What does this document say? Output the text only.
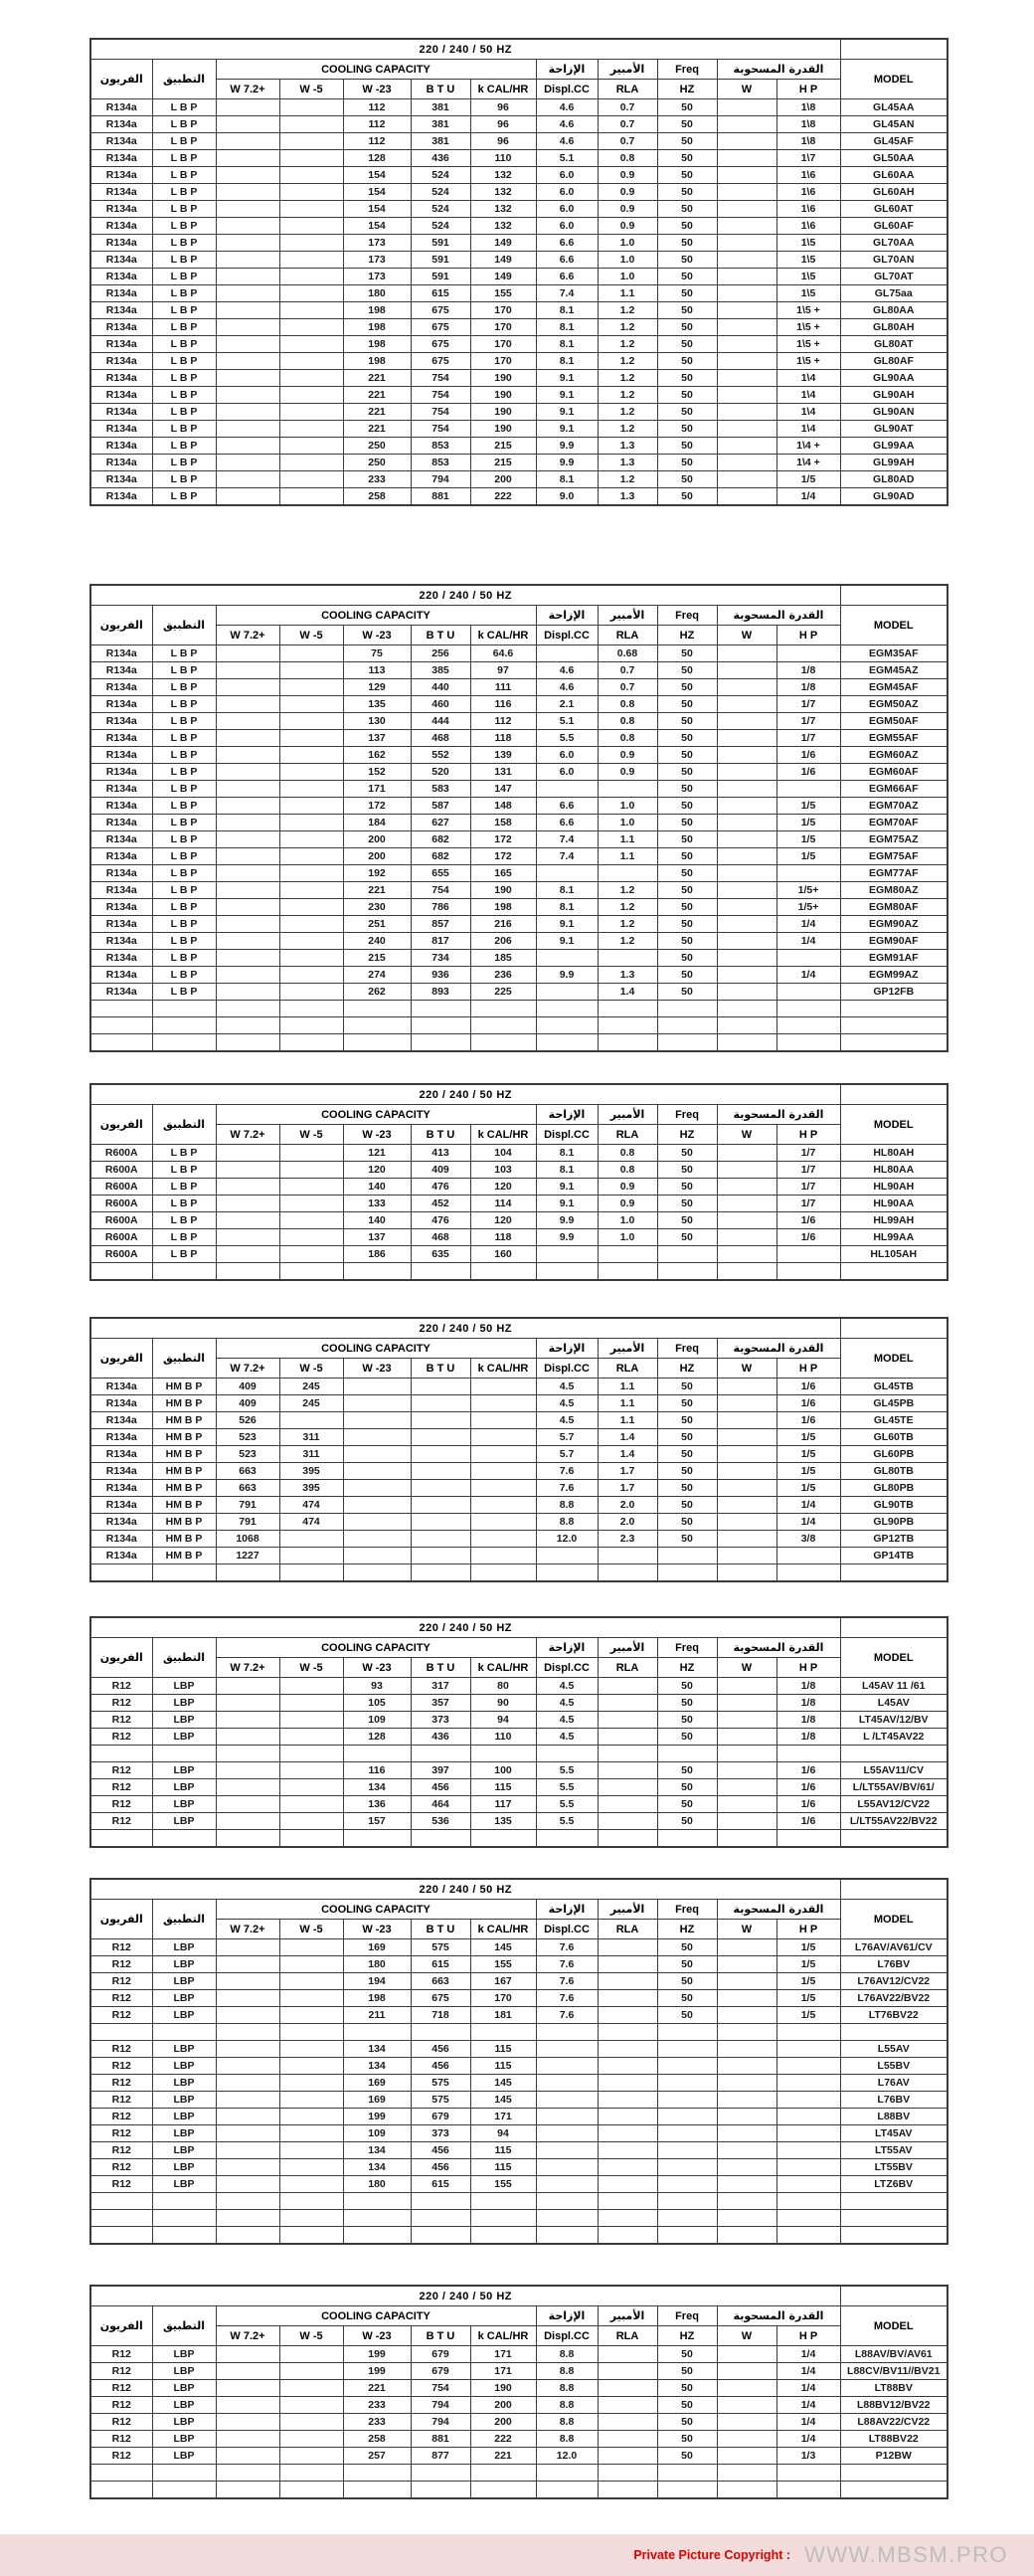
220 / 240 / 50 HZ												
الفريون	التطبيق	COOLING CAPACITY					الإزاحة	الأمبير	Freq	القدرة المسحوبة		MODEL
		W 7.2+	W -5	W -23	B T U	k CAL/HR	Displ.CC	RLA	HZ	W	H P	
R134a	L B P			112	381	96	4.6	0.7	50		1\8	GL45AA
R134a	L B P			112	381	96	4.6	0.7	50		1\8	GL45AN
R134a	L B P			112	381	96	4.6	0.7	50		1\8	GL45AF
R134a	L B P			128	436	110	5.1	0.8	50		1\7	GL50AA
R134a	L B P			154	524	132	6.0	0.9	50		1\6	GL60AA
R134a	L B P			154	524	132	6.0	0.9	50		1\6	GL60AH
R134a	L B P			154	524	132	6.0	0.9	50		1\6	GL60AT
R134a	L B P			154	524	132	6.0	0.9	50		1\6	GL60AF
R134a	L B P			173	591	149	6.6	1.0	50		1\5	GL70AA
R134a	L B P			173	591	149	6.6	1.0	50		1\5	GL70AN
R134a	L B P			173	591	149	6.6	1.0	50		1\5	GL70AT
R134a	L B P			180	615	155	7.4	1.1	50		1\5	GL75aa
R134a	L B P			198	675	170	8.1	1.2	50		1\5 +	GL80AA
R134a	L B P			198	675	170	8.1	1.2	50		1\5 +	GL80AH
R134a	L B P			198	675	170	8.1	1.2	50		1\5 +	GL80AT
R134a	L B P			198	675	170	8.1	1.2	50		1\5 +	GL80AF
R134a	L B P			221	754	190	9.1	1.2	50		1\4	GL90AA
R134a	L B P			221	754	190	9.1	1.2	50		1\4	GL90AH
R134a	L B P			221	754	190	9.1	1.2	50		1\4	GL90AN
R134a	L B P			221	754	190	9.1	1.2	50		1\4	GL90AT
R134a	L B P			250	853	215	9.9	1.3	50		1\4 +	GL99AA
R134a	L B P			250	853	215	9.9	1.3	50		1\4 +	GL99AH
R134a	L B P			233	794	200	8.1	1.2	50		1/5	GL80AD
R134a	L B P			258	881	222	9.0	1.3	50		1/4	GL90AD
220 / 240 / 50 HZ												
الفريون	التطبيق	COOLING CAPACITY					الإزاحة	الأمبير	Freq	القدرة المسحوبة		MODEL
		W 7.2+	W -5	W -23	B T U	k CAL/HR	Displ.CC	RLA	HZ	W	H P	
R134a	L B P			75	256	64.6		0.68	50			EGM35AF
R134a	L B P			113	385	97	4.6	0.7	50		1/8	EGM45AZ
R134a	L B P			129	440	111	4.6	0.7	50		1/8	EGM45AF
R134a	L B P			135	460	116	2.1	0.8	50		1/7	EGM50AZ
R134a	L B P			130	444	112	5.1	0.8	50		1/7	EGM50AF
R134a	L B P			137	468	118	5.5	0.8	50		1/7	EGM55AF
R134a	L B P			162	552	139	6.0	0.9	50		1/6	EGM60AZ
R134a	L B P			152	520	131	6.0	0.9	50		1/6	EGM60AF
R134a	L B P			171	583	147			50			EGM66AF
R134a	L B P			172	587	148	6.6	1.0	50		1/5	EGM70AZ
R134a	L B P			184	627	158	6.6	1.0	50		1/5	EGM70AF
R134a	L B P			200	682	172	7.4	1.1	50		1/5	EGM75AZ
R134a	L B P			200	682	172	7.4	1.1	50		1/5	EGM75AF
R134a	L B P			192	655	165			50			EGM77AF
R134a	L B P			221	754	190	8.1	1.2	50		1/5+	EGM80AZ
R134a	L B P			230	786	198	8.1	1.2	50		1/5+	EGM80AF
R134a	L B P			251	857	216	9.1	1.2	50		1/4	EGM90AZ
R134a	L B P			240	817	206	9.1	1.2	50		1/4	EGM90AF
R134a	L B P			215	734	185			50			EGM91AF
R134a	L B P			274	936	236	9.9	1.3	50		1/4	EGM99AZ
R134a	L B P			262	893	225		1.4	50			GP12FB

220 / 240 / 50 HZ												
الفريون	التطبيق	COOLING CAPACITY					الإزاحة	الأمبير	Freq	القدرة المسحوبة		MODEL
		W 7.2+	W -5	W -23	B T U	k CAL/HR	Displ.CC	RLA	HZ	W	H P	
R600A	L B P			121	413	104	8.1	0.8	50		1/7	HL80AH
R600A	L B P			120	409	103	8.1	0.8	50		1/7	HL80AA
R600A	L B P			140	476	120	9.1	0.9	50		1/7	HL90AH
R600A	L B P			133	452	114	9.1	0.9	50		1/7	HL90AA
R600A	L B P			140	476	120	9.9	1.0	50		1/6	HL99AH
R600A	L B P			137	468	118	9.9	1.0	50		1/6	HL99AA
R600A	L B P			186	635	160						HL105AH

220 / 240 / 50 HZ												
الفريون	التطبيق	COOLING CAPACITY					الإزاحة	الأمبير	Freq	القدرة المسحوبة		MODEL
		W 7.2+	W -5	W -23	B T U	k CAL/HR	Displ.CC	RLA	HZ	W	H P	
R134a	HM B P	409	245				4.5	1.1	50		1/6	GL45TB
R134a	HM B P	409	245				4.5	1.1	50		1/6	GL45PB
R134a	HM B P	526					4.5	1.1	50		1/6	GL45TE
R134a	HM B P	523	311				5.7	1.4	50		1/5	GL60TB
R134a	HM B P	523	311				5.7	1.4	50		1/5	GL60PB
R134a	HM B P	663	395				7.6	1.7	50		1/5	GL80TB
R134a	HM B P	663	395				7.6	1.7	50		1/5	GL80PB
R134a	HM B P	791	474				8.8	2.0	50		1/4	GL90TB
R134a	HM B P	791	474				8.8	2.0	50		1/4	GL90PB
R134a	HM B P	1068					12.0	2.3	50		3/8	GP12TB
R134a	HM B P	1227										GP14TB

220 / 240 / 50 HZ												
الفريون	التطبيق	COOLING CAPACITY					الإزاحة	الأمبير	Freq	القدرة المسحوبة		MODEL
		W 7.2+	W -5	W -23	B T U	k CAL/HR	Displ.CC	RLA	HZ	W	H P	
R12	LBP			93	317	80	4.5		50		1/8	L45AV 11 /61
R12	LBP			105	357	90	4.5		50		1/8	L45AV
R12	LBP			109	373	94	4.5		50		1/8	LT45AV/12/BV
R12	LBP			128	436	110	4.5		50		1/8	L /LT45AV22

R12	LBP			116	397	100	5.5		50		1/6	L55AV11/CV
R12	LBP			134	456	115	5.5		50		1/6	L/LT55AV/BV/61/
R12	LBP			136	464	117	5.5		50		1/6	L55AV12/CV22
R12	LBP			157	536	135	5.5		50		1/6	L/LT55AV22/BV22

220 / 240 / 50 HZ												
الفريون	التطبيق	COOLING CAPACITY					الإزاحة	الأمبير	Freq	القدرة المسحوبة		MODEL
		W 7.2+	W -5	W -23	B T U	k CAL/HR	Displ.CC	RLA	HZ	W	H P	
R12	LBP			169	575	145	7.6		50		1/5	L76AV/AV61/CV
R12	LBP			180	615	155	7.6		50		1/5	L76BV
R12	LBP			194	663	167	7.6		50		1/5	L76AV12/CV22
R12	LBP			198	675	170	7.6		50		1/5	L76AV22/BV22
R12	LBP			211	718	181	7.6		50		1/5	LT76BV22

R12	LBP			134	456	115						L55AV
R12	LBP			134	456	115						L55BV
R12	LBP			169	575	145						L76AV
R12	LBP			169	575	145						L76BV
R12	LBP			199	679	171						L88BV
R12	LBP			109	373	94						LT45AV
R12	LBP			134	456	115						LT55AV
R12	LBP			134	456	115						LT55BV
R12	LBP			180	615	155						LTZ6BV

220 / 240 / 50 HZ												
الفريون	التطبيق	COOLING CAPACITY					الإزاحة	الأمبير	Freq	القدرة المسحوبة		MODEL
		W 7.2+	W -5	W -23	B T U	k CAL/HR	Displ.CC	RLA	HZ	W	H P	
R12	LBP			199	679	171	8.8		50		1/4	L88AV/BV/AV61
R12	LBP			199	679	171	8.8		50		1/4	L88CV/BV11//BV21
R12	LBP			221	754	190	8.8		50		1/4	LT88BV
R12	LBP			233	794	200	8.8		50		1/4	L88BV12/BV22
R12	LBP			233	794	200	8.8		50		1/4	L88AV22/CV22
R12	LBP			258	881	222	8.8		50		1/4	LT88BV22
R12	LBP			257	877	221	12.0		50		1/3	P12BW

Private Picture Copyright : WWW.MBSM.PRO
